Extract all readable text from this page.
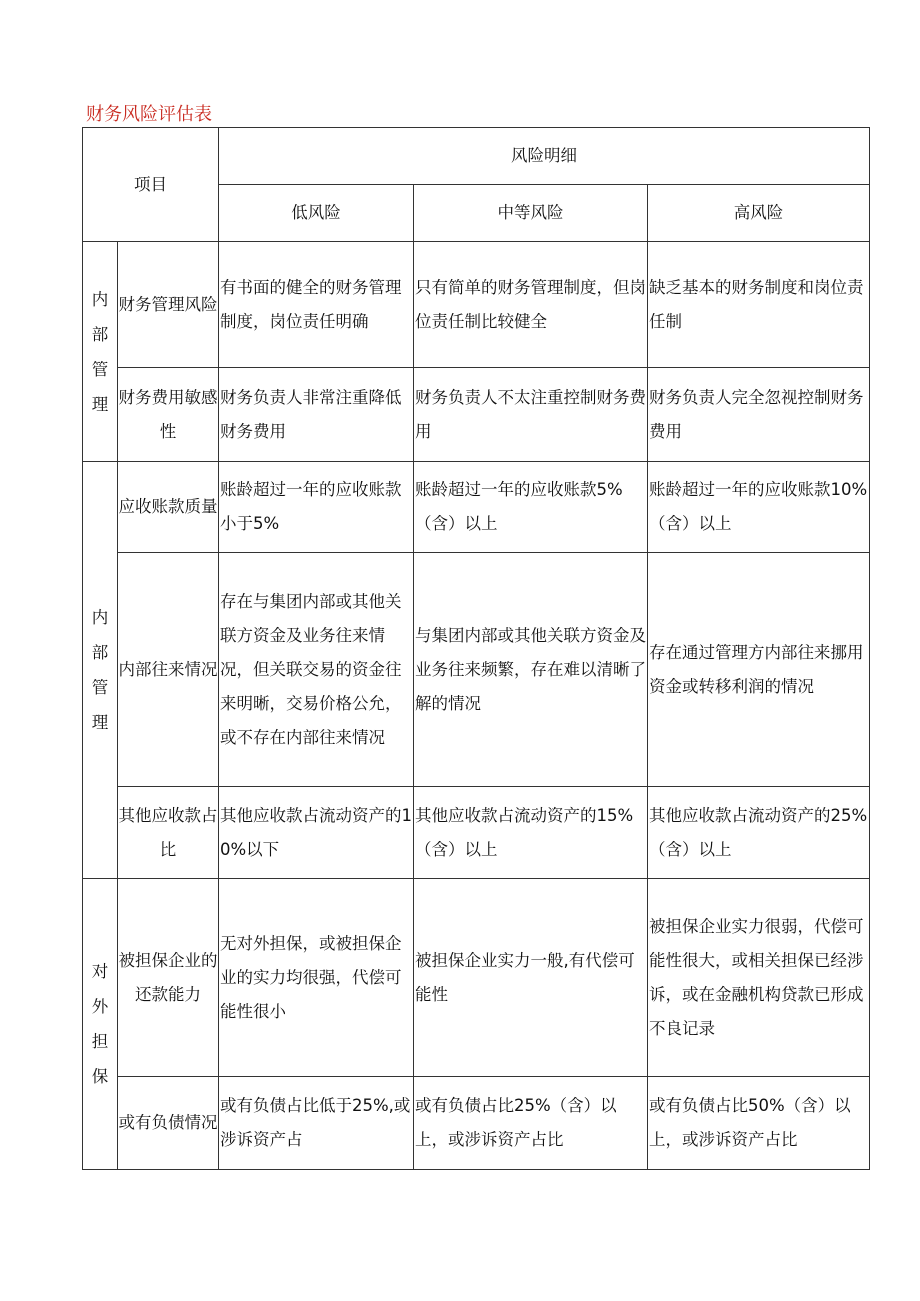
财务风险评估表
项目		风险明细		
		低风险	中等风险	高风险

内部管理	财务管理风险	有书面的健全的财务管理制度，岗位责任明确	只有简单的财务管理制度，但岗位责任制比较健全	缺乏基本的财务制度和岗位责任制
	财务费用敏感性	财务负责人非常注重降低财务费用	财务负责人不太注重控制财务费用	财务负责人完全忽视控制财务费用

内部管理	应收账款质量	账龄超过一年的应收账款小于5%	账龄超过一年的应收账款5%（含）以上	账龄超过一年的应收账款10%（含）以上
	内部往来情况	存在与集团内部或其他关联方资金及业务往来情况，但关联交易的资金往来明晰，交易价格公允，或不存在内部往来情况	与集团内部或其他关联方资金及业务往来频繁，存在难以清晰了解的情况	存在通过管理方内部往来挪用资金或转移利润的情况
	其他应收款占比	其他应收款占流动资产的10%以下	其他应收款占流动资产的15%（含）以上	其他应收款占流动资产的25%（含）以上

对外担保	被担保企业的还款能力	无对外担保，或被担保企业的实力均很强，代偿可能性很小	被担保企业实力一般,有代偿可能性	被担保企业实力很弱，代偿可能性很大，或相关担保已经涉诉，或在金融机构贷款已形成不良记录
	或有负债情况	或有负债占比低于25%,或涉诉资产占	或有负债占比25%（含）以上，或涉诉资产占比	或有负债占比50%（含）以上，或涉诉资产占比
